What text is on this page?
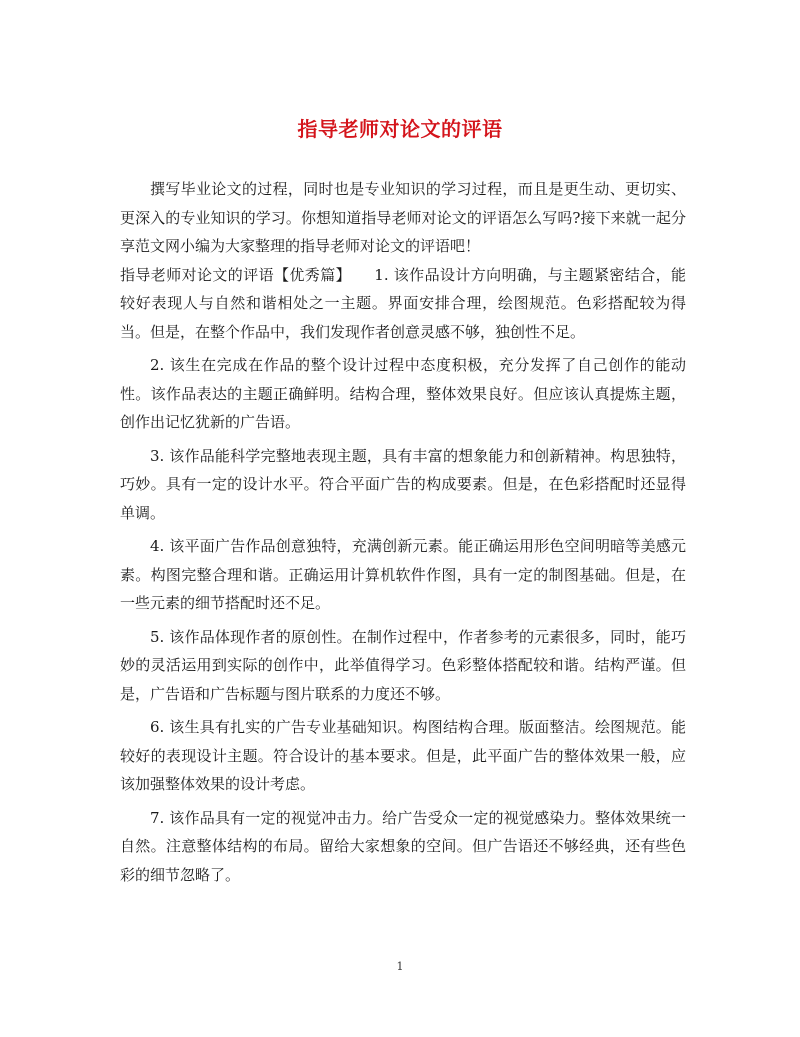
指导老师对论文的评语

撰写毕业论文的过程，同时也是专业知识的学习过程，而且是更生动、更切实、更深入的专业知识的学习。你想知道指导老师对论文的评语怎么写吗?接下来就一起分享范文网小编为大家整理的指导老师对论文的评语吧！

指导老师对论文的评语【优秀篇】　　1. 该作品设计方向明确，与主题紧密结合，能较好表现人与自然和谐相处之一主题。界面安排合理，绘图规范。色彩搭配较为得当。但是，在整个作品中，我们发现作者创意灵感不够，独创性不足。

2. 该生在完成在作品的整个设计过程中态度积极，充分发挥了自己创作的能动性。该作品表达的主题正确鲜明。结构合理，整体效果良好。但应该认真提炼主题，创作出记忆犹新的广告语。

3. 该作品能科学完整地表现主题，具有丰富的想象能力和创新精神。构思独特，巧妙。具有一定的设计水平。符合平面广告的构成要素。但是，在色彩搭配时还显得单调。

4. 该平面广告作品创意独特，充满创新元素。能正确运用形色空间明暗等美感元素。构图完整合理和谐。正确运用计算机软件作图，具有一定的制图基础。但是，在一些元素的细节搭配时还不足。

5. 该作品体现作者的原创性。在制作过程中，作者参考的元素很多，同时，能巧妙的灵活运用到实际的创作中，此举值得学习。色彩整体搭配较和谐。结构严谨。但是，广告语和广告标题与图片联系的力度还不够。

6. 该生具有扎实的广告专业基础知识。构图结构合理。版面整洁。绘图规范。能较好的表现设计主题。符合设计的基本要求。但是，此平面广告的整体效果一般，应该加强整体效果的设计考虑。

7. 该作品具有一定的视觉冲击力。给广告受众一定的视觉感染力。整体效果统一自然。注意整体结构的布局。留给大家想象的空间。但广告语还不够经典，还有些色彩的细节忽略了。

1
